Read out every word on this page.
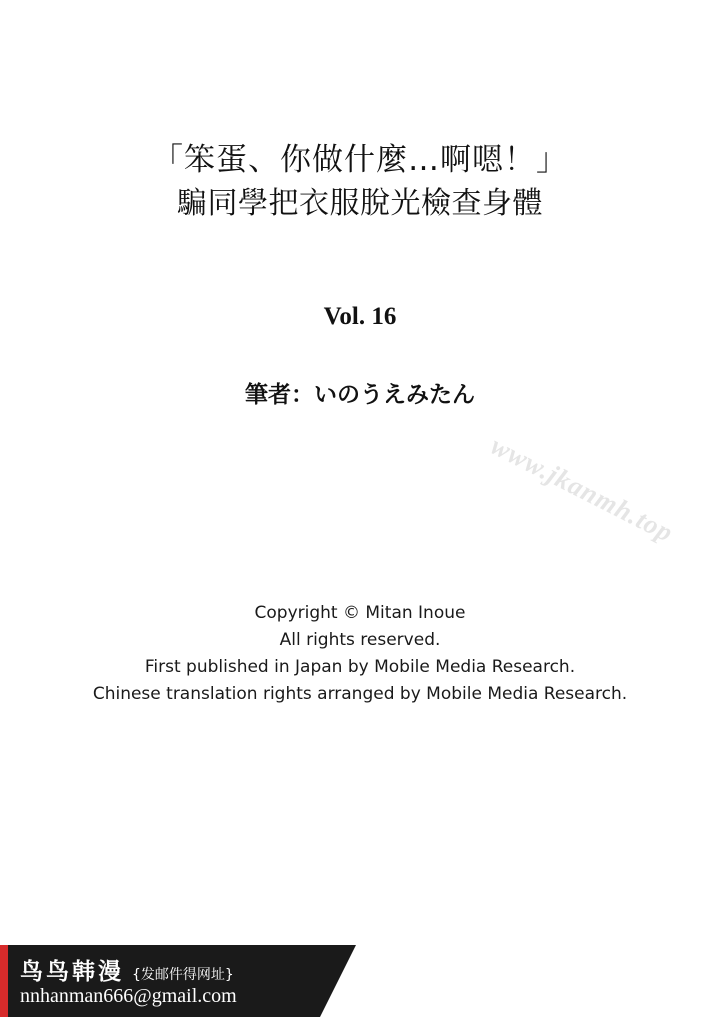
「笨蛋、你做什麼…啊嗯！」
騙同學把衣服脫光檢查身體
Vol. 16
筆者：いのうえみたん
www.jkanmh.top
Copyright © Mitan Inoue
All rights reserved.
First published in Japan by Mobile Media Research.
Chinese translation rights arranged by Mobile Media Research.
鸟鸟韩漫 {发邮件得网址}
nnhanman666@gmail.com
